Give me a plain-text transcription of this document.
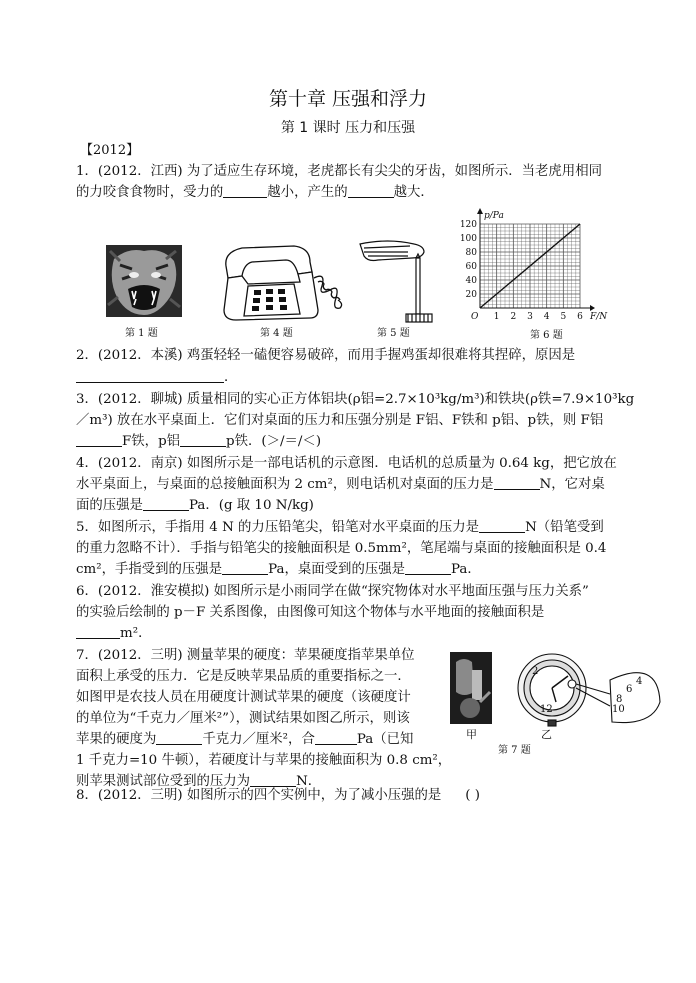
第十章 压强和浮力
第 1 课时 压力和压强
【2012】
1．(2012．江西) 为了适应生存环境，老虎都长有尖尖的牙齿，如图所示．当老虎用相同
的力咬食食物时，受力的	越小，产生的	越大．
第 1 题	第 4 题	第 5 题
1 2 3 4 5 6
20
40
60
80
100
120
O	F/N
p/Pa
第 6 题
2．(2012．本溪) 鸡蛋轻轻一磕便容易破碎，而用手握鸡蛋却很难将其捏碎，原因是
．
3．(2012．聊城) 质量相同的实心正方体铝块(ρ铝=2.7×10³kg/m³)和铁块(ρ铁=7.9×10³kg
／m³) 放在水平桌面上．它们对桌面的压力和压强分别是 F铝、F铁和 p铝、p铁，则 F铝
F铁，p铝	p铁．(＞/＝/＜)
4．(2012．南京) 如图所示是一部电话机的示意图．电话机的总质量为 0.64 kg，把它放在
水平桌面上，与桌面的总接触面积为 2 cm²，则电话机对桌面的压力是	N，它对桌
面的压强是	Pa．(g 取 10 N/kg)
5．如图所示，手指用 4 N 的力压铅笔尖，铅笔对水平桌面的压力是	N（铅笔受到
的重力忽略不计）．手指与铅笔尖的接触面积是 0.5mm²，笔尾端与桌面的接触面积是 0.4
cm²，手指受到的压强是	Pa，桌面受到的压强是	Pa．
6．(2012．淮安模拟) 如图所示是小雨同学在做“探究物体对水平地面压强与压力关系”
的实验后绘制的 p－F 关系图像，由图像可知这个物体与水平地面的接触面积是
m²．
7．(2012．三明) 测量苹果的硬度：苹果硬度指苹果单位
面积上承受的压力．它是反映苹果品质的重要指标之一．
如图甲是农技人员在用硬度计测试苹果的硬度（该硬度计
的单位为“千克力／厘米²”），测试结果如图乙所示，则该
苹果的硬度为	千克力／厘米²，合	Pa（已知
1 千克力=10 牛顿），若硬度计与苹果的接触面积为 0.8 cm²，
则苹果测试部位受到的压力为	N．
4
6
8
10
2
12
甲	乙
第 7 题
8．(2012．三明) 如图所示的四个实例中，为了减小压强的是 ( )
